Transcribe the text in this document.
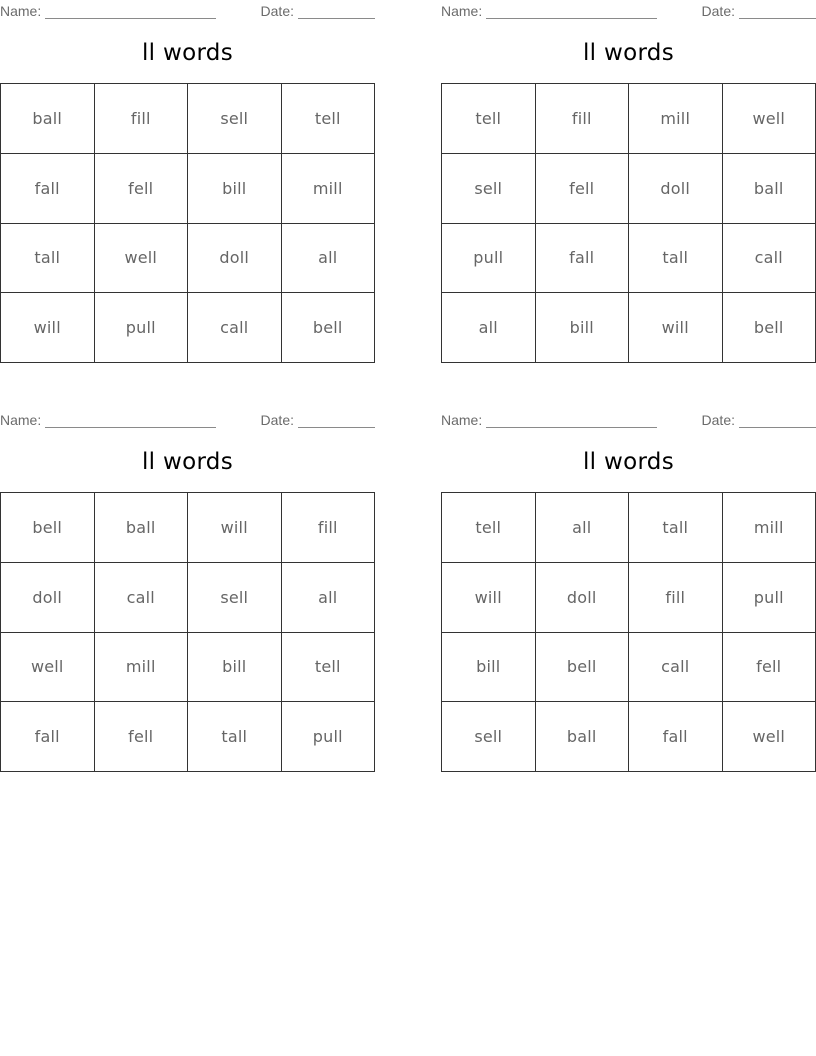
Name:	Date:
ll words
ball	fill	sell	tell
fall	fell	bill	mill
tall	well	doll	all
will	pull	call	bell
Name:	Date:
ll words
tell	fill	mill	well
sell	fell	doll	ball
pull	fall	tall	call
all	bill	will	bell
Name:	Date:
ll words
bell	ball	will	fill
doll	call	sell	all
well	mill	bill	tell
fall	fell	tall	pull
Name:	Date:
ll words
tell	all	tall	mill
will	doll	fill	pull
bill	bell	call	fell
sell	ball	fall	well
